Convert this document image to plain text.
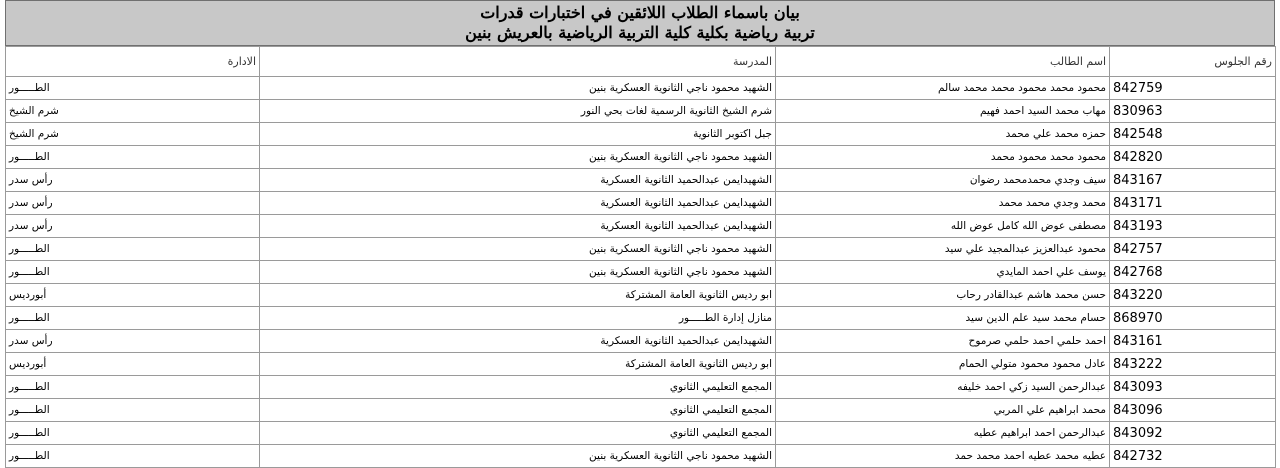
بيان باسماء الطلاب اللائقين في اختبارات قدرات
تربية رياضية بكلية كلية التربية الرياضية بالعريش بنين
رقم الجلوس	اسم الطالب	المدرسة	الادارة
842759	محمود محمد محمود محمد محمد سالم	الشهيد محمود ناجي الثانوية العسكرية بنين	الطـــــور
830963	مهاب محمد السيد احمد فهيم	شرم الشيخ الثانوية الرسمية لغات بحي النور	شرم الشيخ
842548	حمزه محمد علي محمد	جبل اكتوبر الثانوية	شرم الشيخ
842820	محمود محمد محمود محمد	الشهيد محمود ناجي الثانوية العسكرية بنين	الطـــــور
843167	سيف وجدي محمدمحمد رضوان	الشهيدايمن عبدالحميد الثانوية العسكرية	رأس سدر
843171	محمد وجدي محمد محمد	الشهيدايمن عبدالحميد الثانوية العسكرية	رأس سدر
843193	مصطفى عوض الله كامل عوض الله	الشهيدايمن عبدالحميد الثانوية العسكرية	رأس سدر
842757	محمود عبدالعزيز عبدالمجيد علي سيد	الشهيد محمود ناجي الثانوية العسكرية بنين	الطـــــور
842768	يوسف علي احمد المايدي	الشهيد محمود ناجي الثانوية العسكرية بنين	الطـــــور
843220	حسن محمد هاشم عبدالقادر رحاب	ابو رديس الثانوية العامة المشتركة	أبورديس
868970	حسام محمد سيد علم الدين سيد	منازل إدارة الطـــــور	الطـــــور
843161	احمد حلمي احمد حلمي صرموح	الشهيدايمن عبدالحميد الثانوية العسكرية	رأس سدر
843222	عادل محمود محمود متولي الحمام	ابو رديس الثانوية العامة المشتركة	أبورديس
843093	عبدالرحمن السيد زكي احمد خليفه	المجمع التعليمي الثانوي	الطـــــور
843096	محمد ابراهيم علي المربي	المجمع التعليمي الثانوي	الطـــــور
843092	عبدالرحمن احمد ابراهيم عطيه	المجمع التعليمي الثانوي	الطـــــور
842732	عطيه محمد عطيه احمد محمد حمد	الشهيد محمود ناجي الثانوية العسكرية بنين	الطـــــور
